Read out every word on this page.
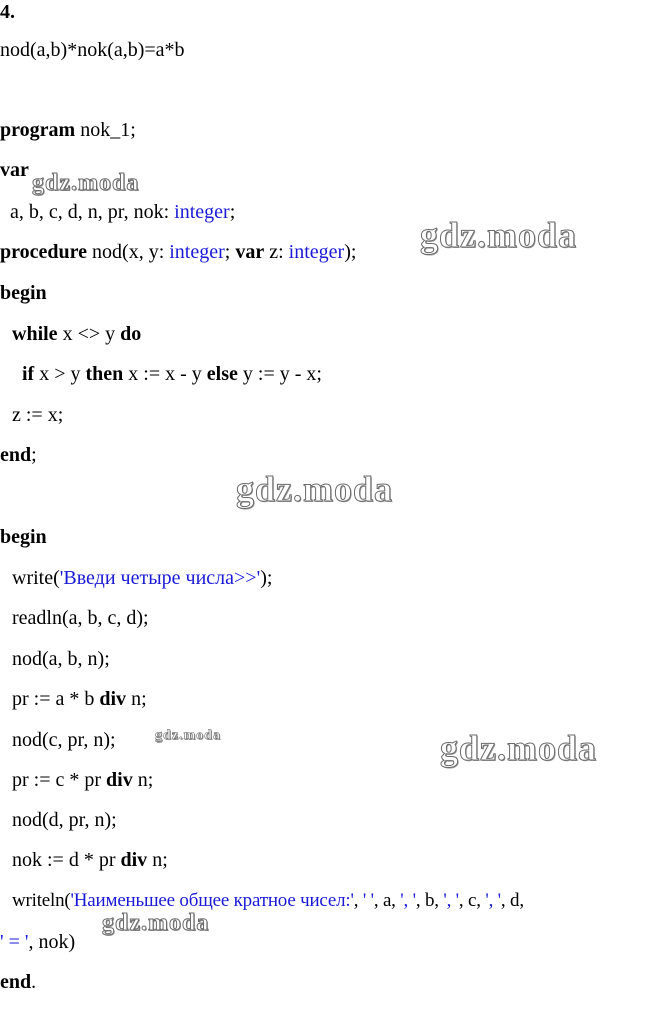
4.
nod(a,b)*nok(a,b)=a*b
program nok_1;
var
a, b, c, d, n, pr, nok: integer;
procedure nod(x, y: integer; var z: integer);
begin
while x <> y do
if x > y then x := x - y else y := y - x;
z := x;
end;
begin
write('Введи четыре числа>>');
readln(a, b, c, d);
nod(a, b, n);
pr := a * b div n;
nod(c, pr, n);
pr := c * pr div n;
nod(d, pr, n);
nok := d * pr div n;
writeln('Наименьшее общее кратное чисел:', ' ', a, ', ', b, ', ', c, ', ', d,
' = ', nok)
end.
gdz.moda
gdz.moda
gdz.moda
gdz.moda	gdz.moda
gdz.moda
